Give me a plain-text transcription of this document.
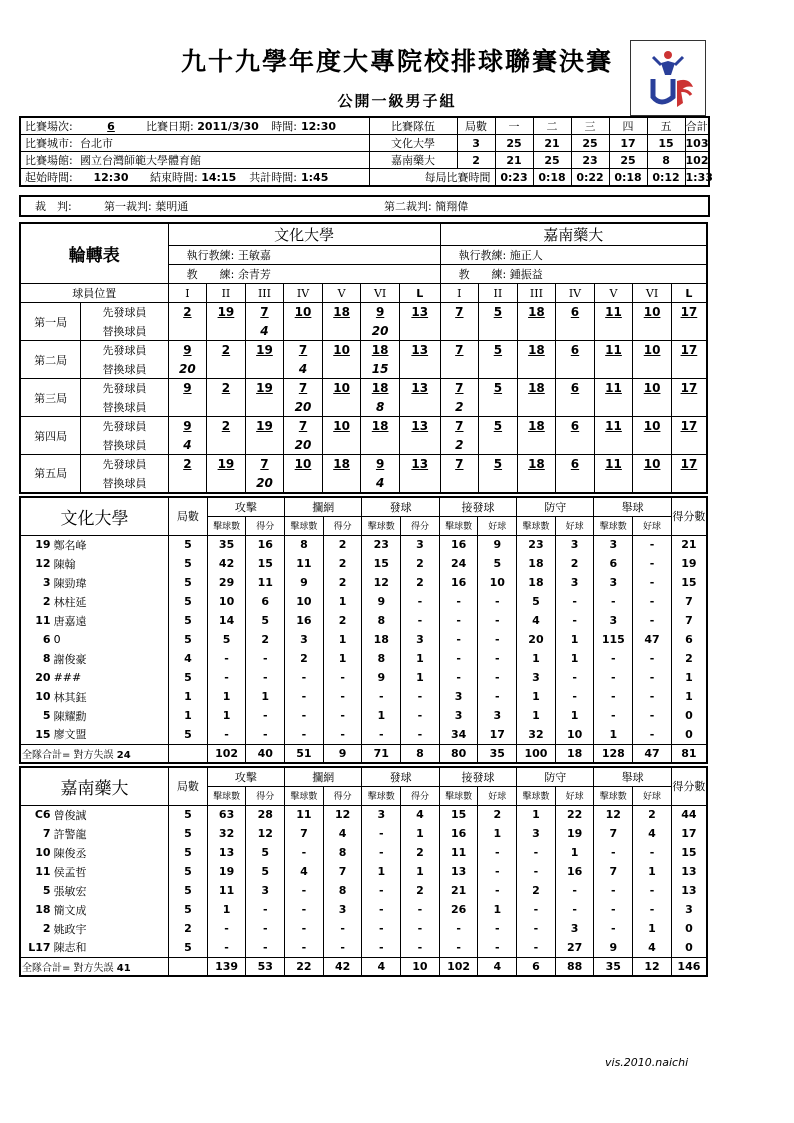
九十九學年度大專院校排球聯賽決賽
公開一級男子組
比賽場次:	6	比賽日期: 2011/3/30	時間:	12:30	比賽隊伍	局數	一	二	三	四	五	合計
比賽城市:	台北市				文化大學	3	25	21	25	17	15	103
比賽場館:	國立台灣師範大學體育館				嘉南藥大	2	21	25	23	25	8	102
起始時間:	12:30	結束時間: 14:15	共計時間:	1:45	每局比賽時間		0:23	0:18	0:22	0:18	0:12	1:33
裁　判:	第一裁判: 葉明通	第二裁判: 簡翔偉
輪轉表		文化大學							嘉南藥大						
		執行教練: 王敏嘉							執行教練: 施正人						
		教　　練: 余青芳							教　　練: 鍾振益						
球員位置		I	II	III	IV	V	VI	L	I	II	III	IV	V	VI	L
第一局	先發球員	2	19	7	10	18	9	13	7	5	18	6	11	10	17
	替換球員			4			20								
第二局	先發球員	9	2	19	7	10	18	13	7	5	18	6	11	10	17
	替換球員	20			4		15								
第三局	先發球員	9	2	19	7	10	18	13	7	5	18	6	11	10	17
	替換球員				20		8		2						
第四局	先發球員	9	2	19	7	10	18	13	7	5	18	6	11	10	17
	替換球員	4			20				2						
第五局	先發球員	2	19	7	10	18	9	13	7	5	18	6	11	10	17
	替換球員			20			4								
文化大學		局數	攻擊		攔網		發球		接發球		防守		舉球		得分數
			擊球數	得分	擊球數	得分	擊球數	得分	擊球數	好球	擊球數	好球	擊球數	好球	
19	鄭名峰	5	35	16	8	2	23	3	16	9	23	3	3	-	21
12	陳翰	5	42	15	11	2	15	2	24	5	18	2	6	-	19
3	陳勁瑋	5	29	11	9	2	12	2	16	10	18	3	3	-	15
2	林柱延	5	10	6	10	1	9	-	-	-	5	-	-	-	7
11	唐嘉遠	5	14	5	16	2	8	-	-	-	4	-	3	-	7
6	0	5	5	2	3	1	18	3	-	-	20	1	115	47	6
8	謝俊豪	4	-	-	2	1	8	1	-	-	1	1	-	-	2
20	###	5	-	-	-	-	9	1	-	-	3	-	-	-	1
10	林其鈺	1	1	1	-	-	-	-	3	-	1	-	-	-	1
5	陳耀勳	1	1	-	-	-	1	-	3	3	1	1	-	-	0
15	廖文盟	5	-	-	-	-	-	-	34	17	32	10	1	-	0
全隊合計= 對方失誤 24			102	40	51	9	71	8	80	35	100	18	128	47	81
嘉南藥大		局數	攻擊		攔網		發球		接發球		防守		舉球		得分數
			擊球數	得分	擊球數	得分	擊球數	得分	擊球數	好球	擊球數	好球	擊球數	好球	
C6	曾俊誠	5	63	28	11	12	3	4	15	2	1	22	12	2	44
7	許警龍	5	32	12	7	4	-	1	16	1	3	19	7	4	17
10	陳俊丞	5	13	5	-	8	-	2	11	-	-	1	-	-	15
11	侯孟哲	5	19	5	4	7	1	1	13	-	-	16	7	1	13
5	張敏宏	5	11	3	-	8	-	2	21	-	2	-	-	-	13
18	簡文成	5	1	-	-	3	-	-	26	1	-	-	-	-	3
2	姚政宇	2	-	-	-	-	-	-	-	-	-	3	-	1	0
L17	陳志和	5	-	-	-	-	-	-	-	-	-	27	9	4	0
全隊合計= 對方失誤 41			139	53	22	42	4	10	102	4	6	88	35	12	146
vis.2010.naichi
